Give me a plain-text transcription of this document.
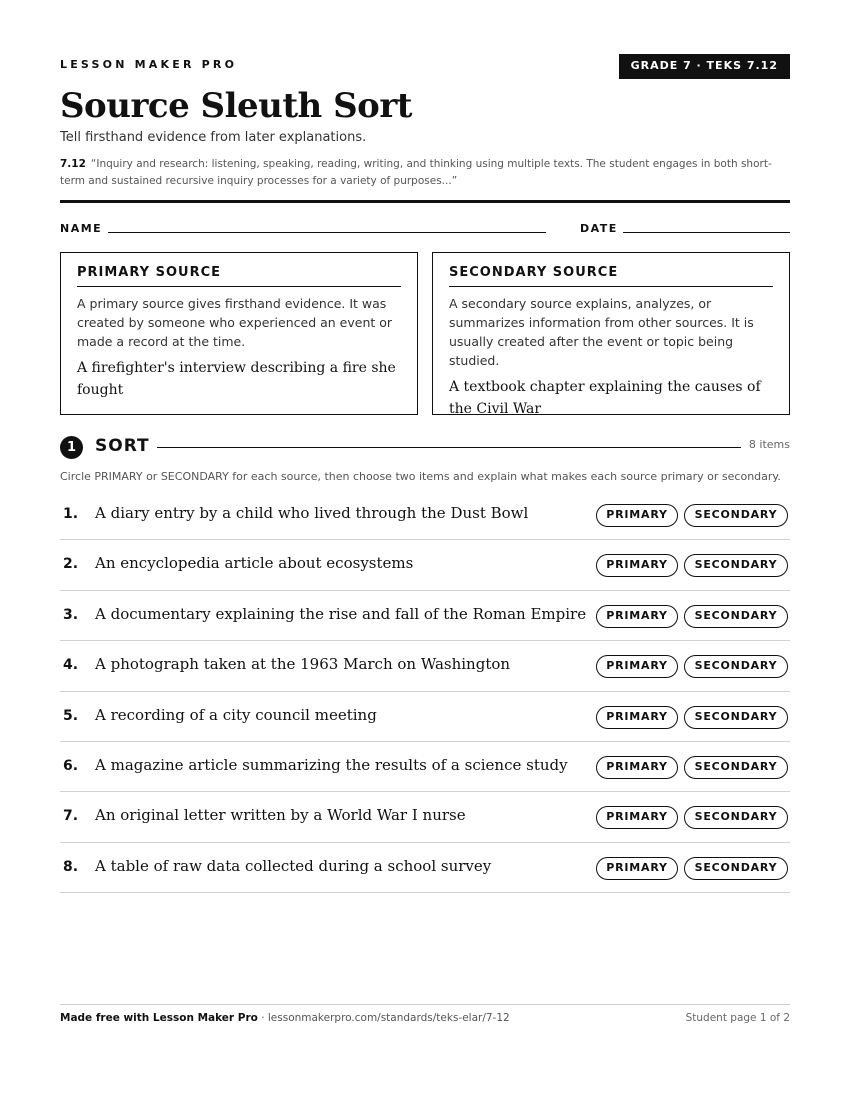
LESSON MAKER PRO	GRADE 7 · TEKS 7.12
Source Sleuth Sort
Tell firsthand evidence from later explanations.
7.12 “Inquiry and research: listening, speaking, reading, writing, and thinking using multiple texts. The student engages in both short-term and sustained recursive inquiry processes for a variety of purposes...”
NAME	DATE
PRIMARY SOURCE
A primary source gives firsthand evidence. It was created by someone who experienced an event or made a record at the time.
A firefighter's interview describing a fire she fought
SECONDARY SOURCE
A secondary source explains, analyzes, or summarizes information from other sources. It is usually created after the event or topic being studied.
A textbook chapter explaining the causes of the Civil War
1	SORT	8 items
Circle PRIMARY or SECONDARY for each source, then choose two items and explain what makes each source primary or secondary.
1. A diary entry by a child who lived through the Dust Bowl	PRIMARY	SECONDARY
2. An encyclopedia article about ecosystems	PRIMARY	SECONDARY
3. A documentary explaining the rise and fall of the Roman Empire	PRIMARY	SECONDARY
4. A photograph taken at the 1963 March on Washington	PRIMARY	SECONDARY
5. A recording of a city council meeting	PRIMARY	SECONDARY
6. A magazine article summarizing the results of a science study	PRIMARY	SECONDARY
7. An original letter written by a World War I nurse	PRIMARY	SECONDARY
8. A table of raw data collected during a school survey	PRIMARY	SECONDARY
Made free with Lesson Maker Pro · lessonmakerpro.com/standards/teks-elar/7-12	Student page 1 of 2
